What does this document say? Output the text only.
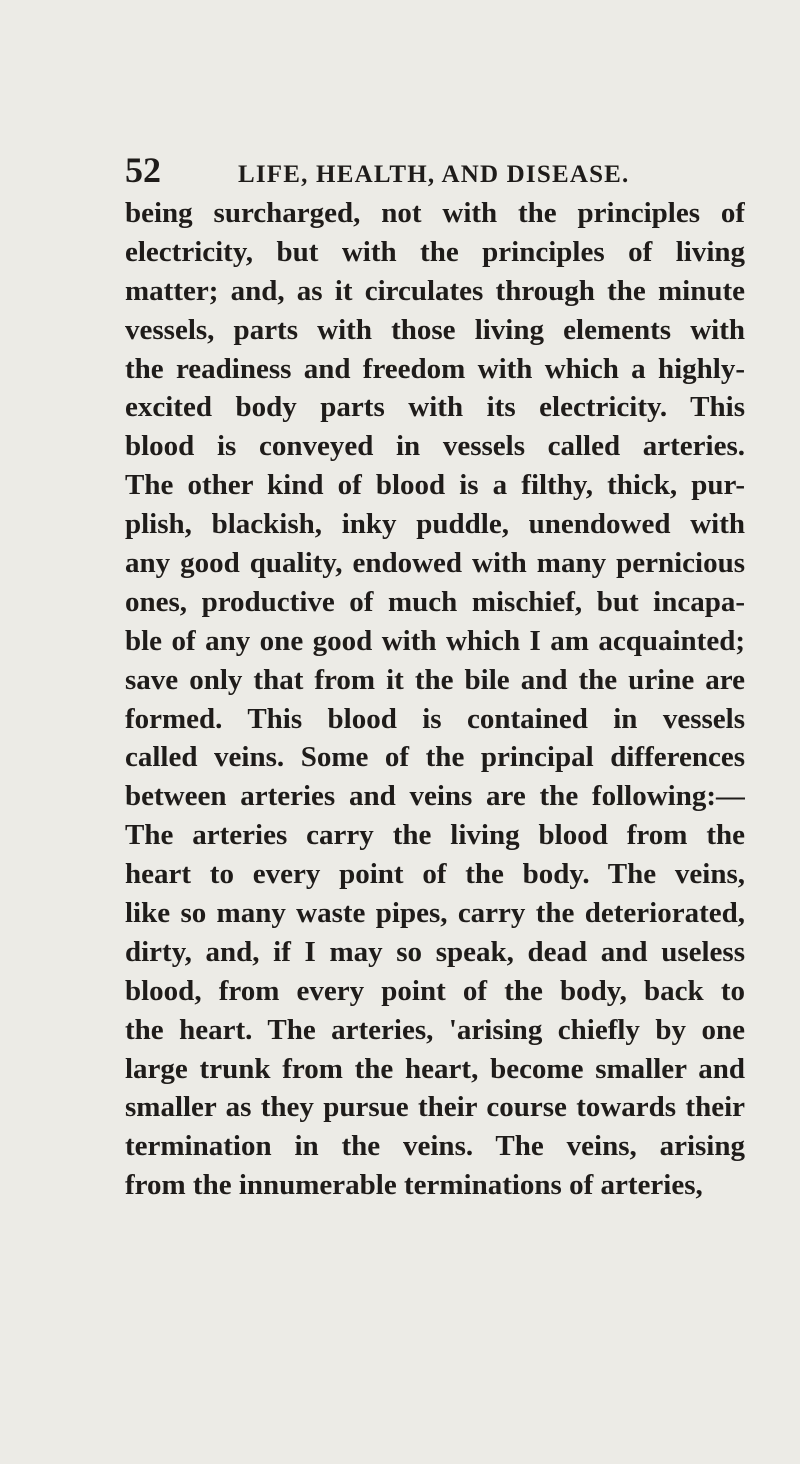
52	LIFE, HEALTH, AND DISEASE.
being surcharged, not with the principles of
electricity, but with the principles of living
matter; and, as it circulates through the minute
vessels, parts with those living elements with
the readiness and freedom with which a highly-
excited body parts with its electricity. This
blood is conveyed in vessels called arteries.
The other kind of blood is a filthy, thick, pur-
plish, blackish, inky puddle, unendowed with
any good quality, endowed with many pernicious
ones, productive of much mischief, but incapa-
ble of any one good with which I am acquainted;
save only that from it the bile and the urine are
formed. This blood is contained in vessels
called veins. Some of the principal differences
between arteries and veins are the following:—
The arteries carry the living blood from the
heart to every point of the body. The veins,
like so many waste pipes, carry the deteriorated,
dirty, and, if I may so speak, dead and useless
blood, from every point of the body, back to
the heart. The arteries, 'arising chiefly by one
large trunk from the heart, become smaller and
smaller as they pursue their course towards their
termination in the veins. The veins, arising
from the innumerable terminations of arteries,
